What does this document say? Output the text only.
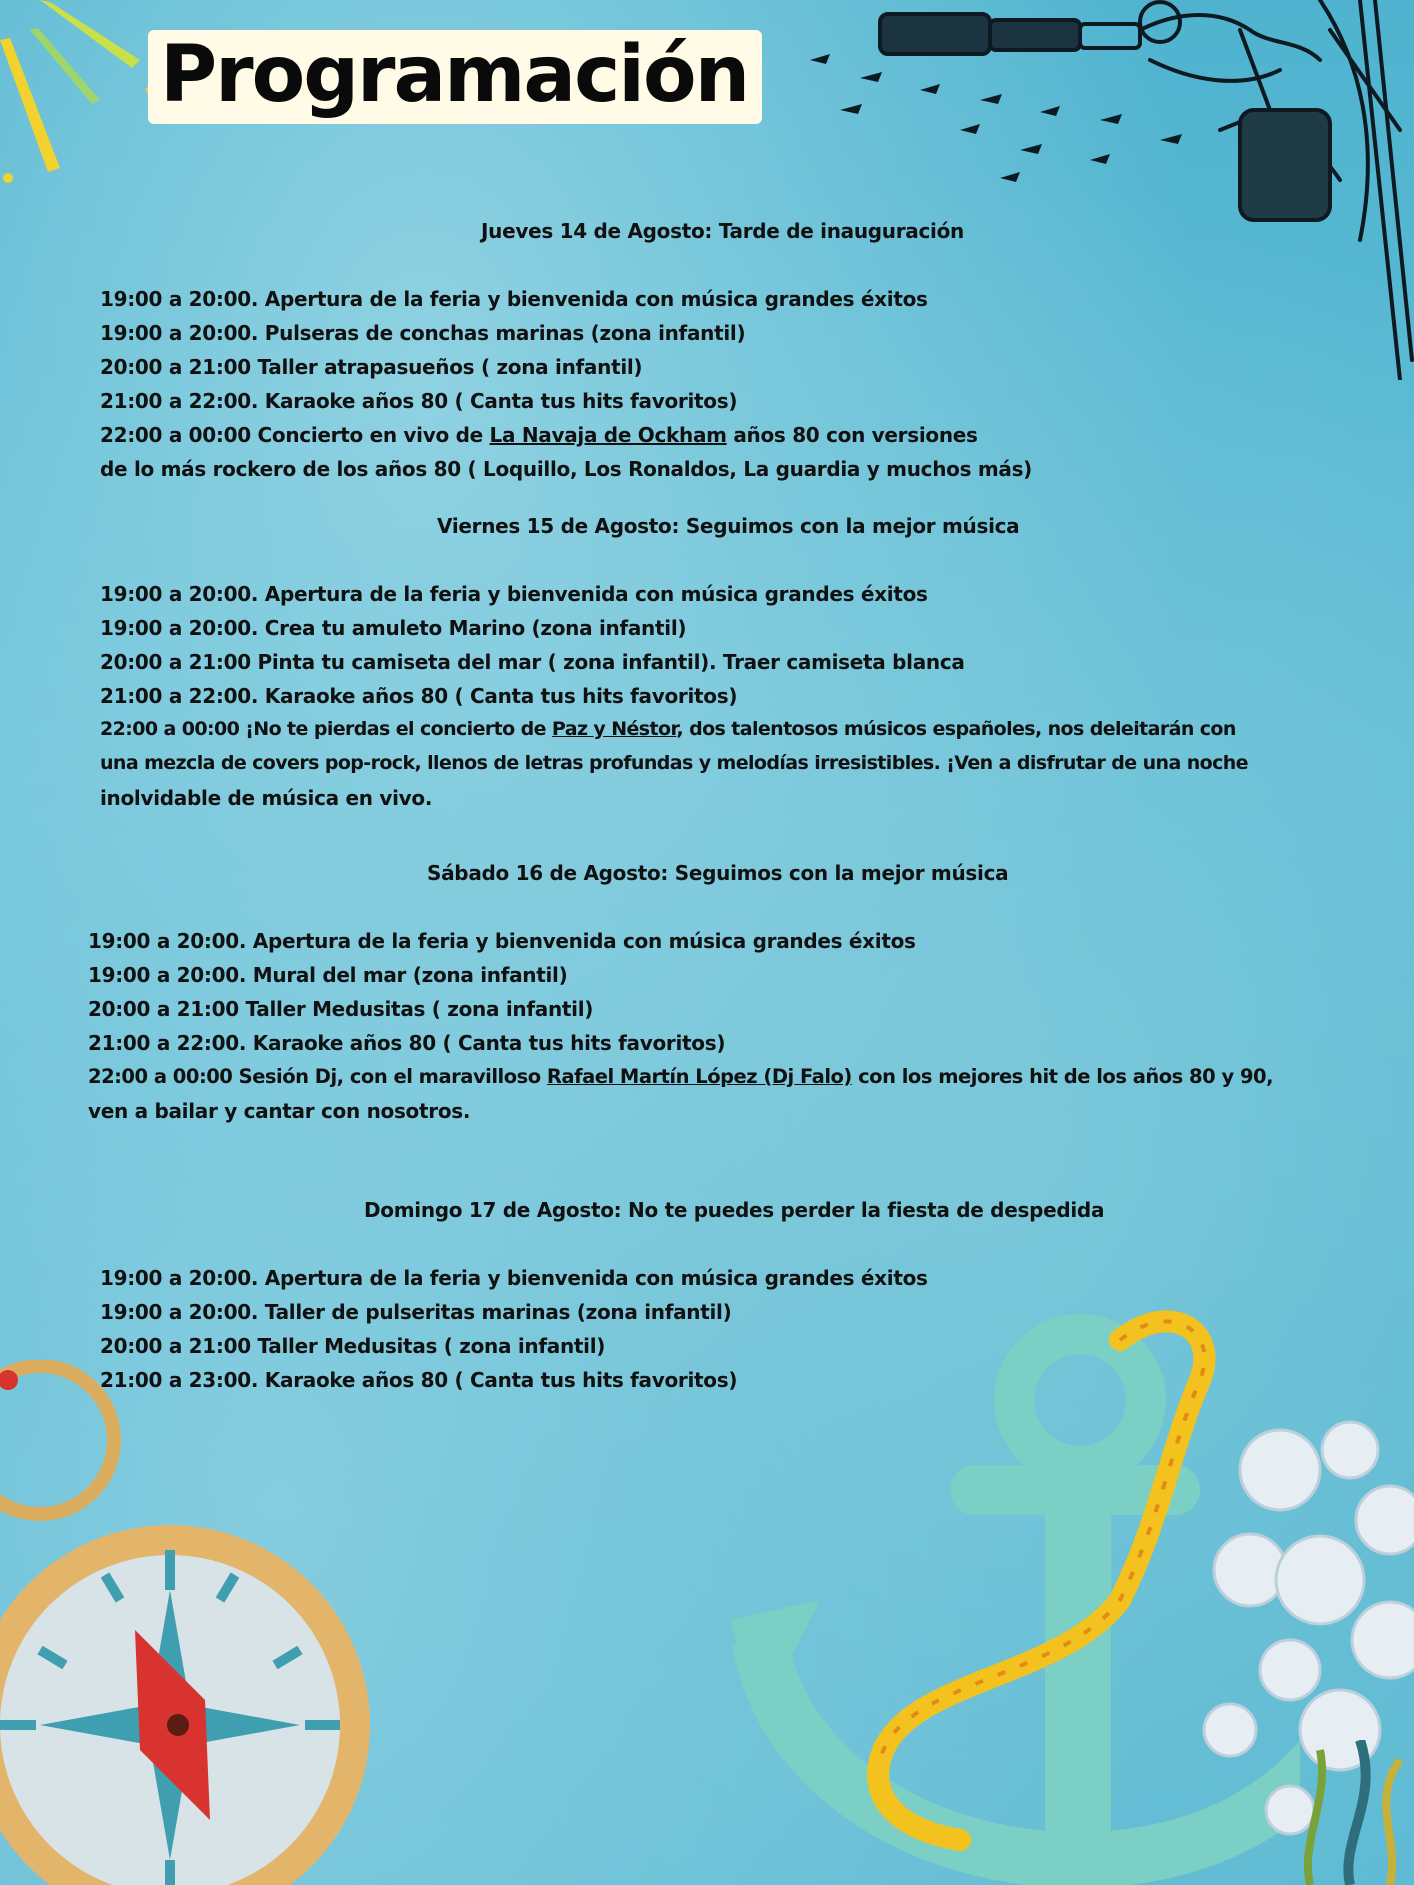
Programación
Jueves 14 de Agosto: Tarde de inauguración
19:00 a 20:00. Apertura de la feria y bienvenida con música grandes éxitos
19:00 a 20:00. Pulseras de conchas marinas (zona infantil)
20:00 a 21:00 Taller atrapasueños ( zona infantil)
21:00 a 22:00. Karaoke años 80 ( Canta tus hits favoritos)
22:00 a 00:00 Concierto en vivo de La Navaja de Ockham años 80 con versiones
de lo más rockero de los años 80 ( Loquillo, Los Ronaldos, La guardia y muchos más)
Viernes 15 de Agosto: Seguimos con la mejor música
19:00 a 20:00. Apertura de la feria y bienvenida con música grandes éxitos
19:00 a 20:00. Crea tu amuleto Marino (zona infantil)
20:00 a 21:00 Pinta tu camiseta del mar ( zona infantil). Traer camiseta blanca
21:00 a 22:00. Karaoke años 80 ( Canta tus hits favoritos)
22:00 a 00:00 ¡No te pierdas el concierto de Paz y Néstor, dos talentosos músicos españoles, nos deleitarán con
una mezcla de covers pop-rock, llenos de letras profundas y melodías irresistibles. ¡Ven a disfrutar de una noche
inolvidable de música en vivo.
Sábado 16 de Agosto: Seguimos con la mejor música
19:00 a 20:00. Apertura de la feria y bienvenida con música grandes éxitos
19:00 a 20:00. Mural del mar (zona infantil)
20:00 a 21:00 Taller Medusitas ( zona infantil)
21:00 a 22:00. Karaoke años 80 ( Canta tus hits favoritos)
22:00 a 00:00 Sesión Dj, con el maravilloso Rafael Martín López (Dj Falo) con los mejores hit de los años 80 y 90,
ven a bailar y cantar con nosotros.
Domingo 17 de Agosto: No te puedes perder la fiesta de despedida
19:00 a 20:00. Apertura de la feria y bienvenida con música grandes éxitos
19:00 a 20:00. Taller de pulseritas marinas (zona infantil)
20:00 a 21:00 Taller Medusitas ( zona infantil)
21:00 a 23:00. Karaoke años 80 ( Canta tus hits favoritos)
